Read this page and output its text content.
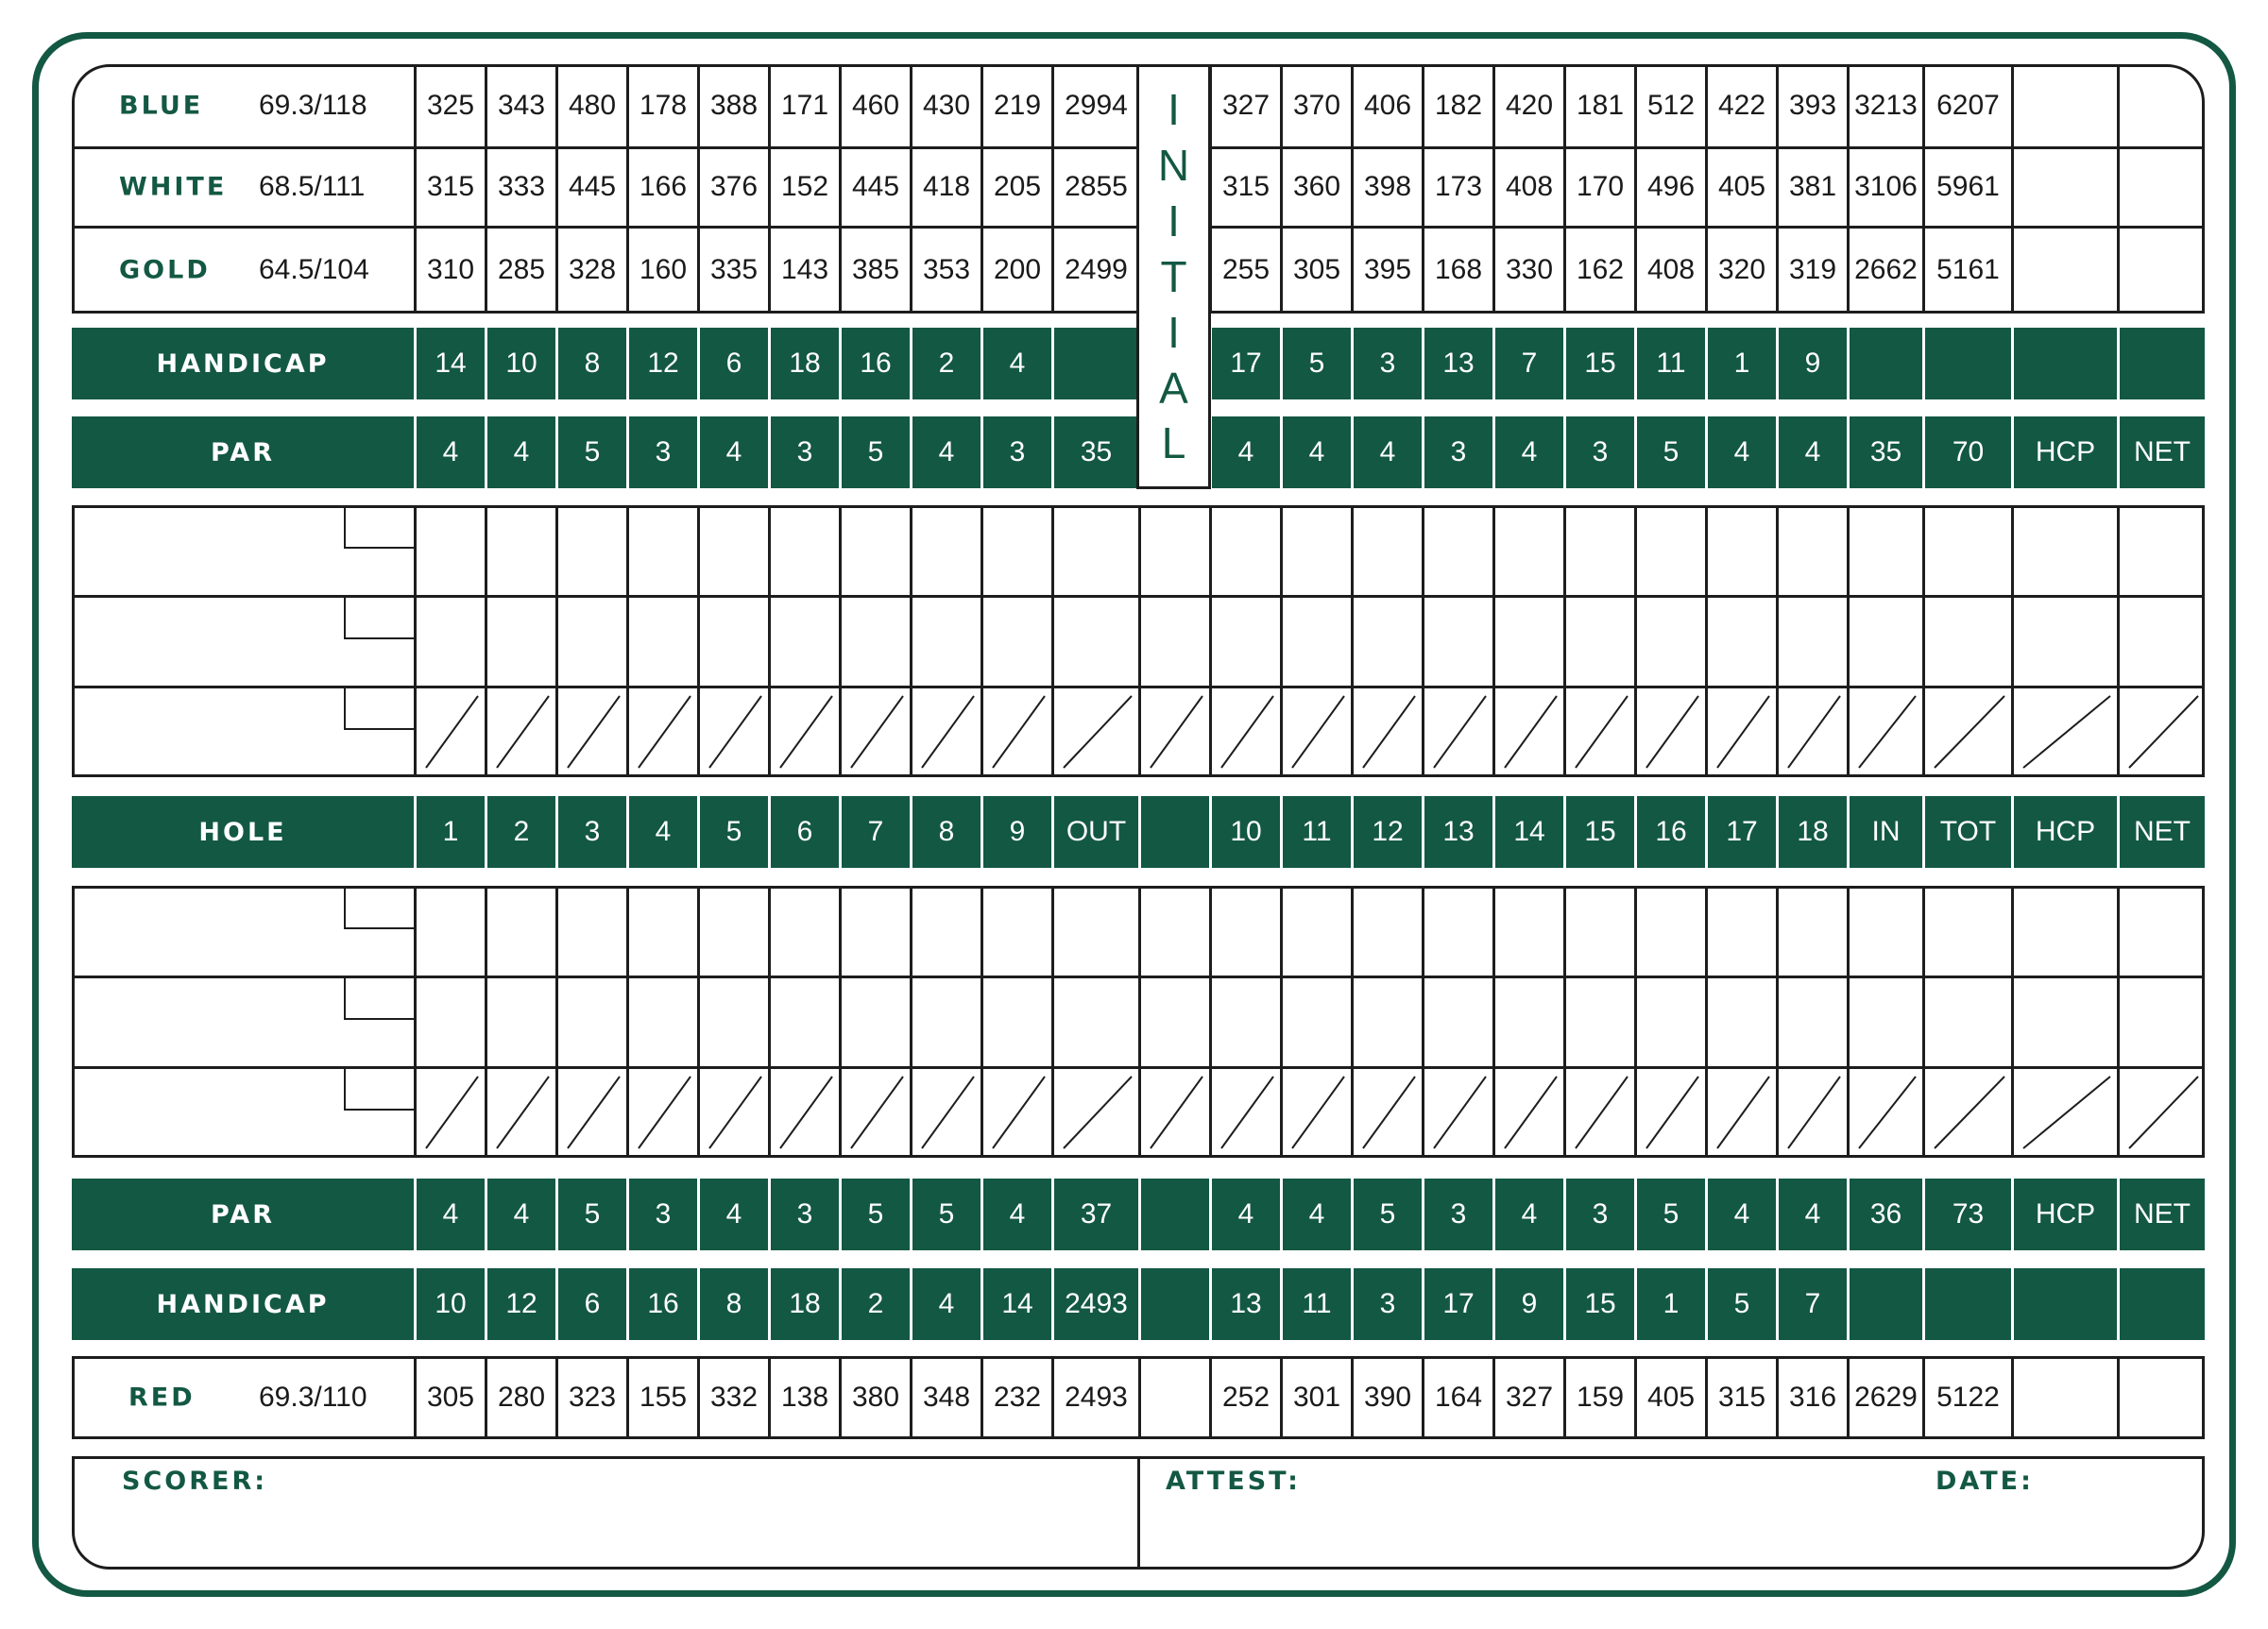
BLUE 69.3/118	325 343 480 178 388 171 460 430 219 2994	327 370 406 182 420 181 512 422 393 3213 6207
WHITE 68.5/111	315 333 445 166 376 152 445 418 205 2855	315 360 398 173 408 170 496 405 381 3106 5961
GOLD 64.5/104	310 285 328 160 335 143 385 353 200 2499	255 305 395 168 330 162 408 320 319 2662 5161
HANDICAP	14	10	8	12	6	18	16	2	4	17	5	3	13	7	15	11	1	9
PAR	4	4	5	3	4	3	5	4	3	35	4	4	4	3	4	3	5	4	4	35	70	HCP	NET
HOLE	1	2	3	4	5	6	7	8	9	OUT	10	11	12	13	14	15	16	17	18	IN	TOT	HCP	NET
PAR	4	4	5	3	4	3	5	5	4	37	4	4	5	3	4	3	5	4	4	36	73	HCP	NET
HANDICAP	10	12	6	16	8	18	2	4	14	2493	13	11	3	17	9	15	1	5	7
RED 69.3/110	305 280 323 155 332 138 380 348 232 2493	252 301 390 164 327 159 405 315 316 2629 5122
I
N
I
T
I
A
L
SCORER:	ATTEST:	DATE:
